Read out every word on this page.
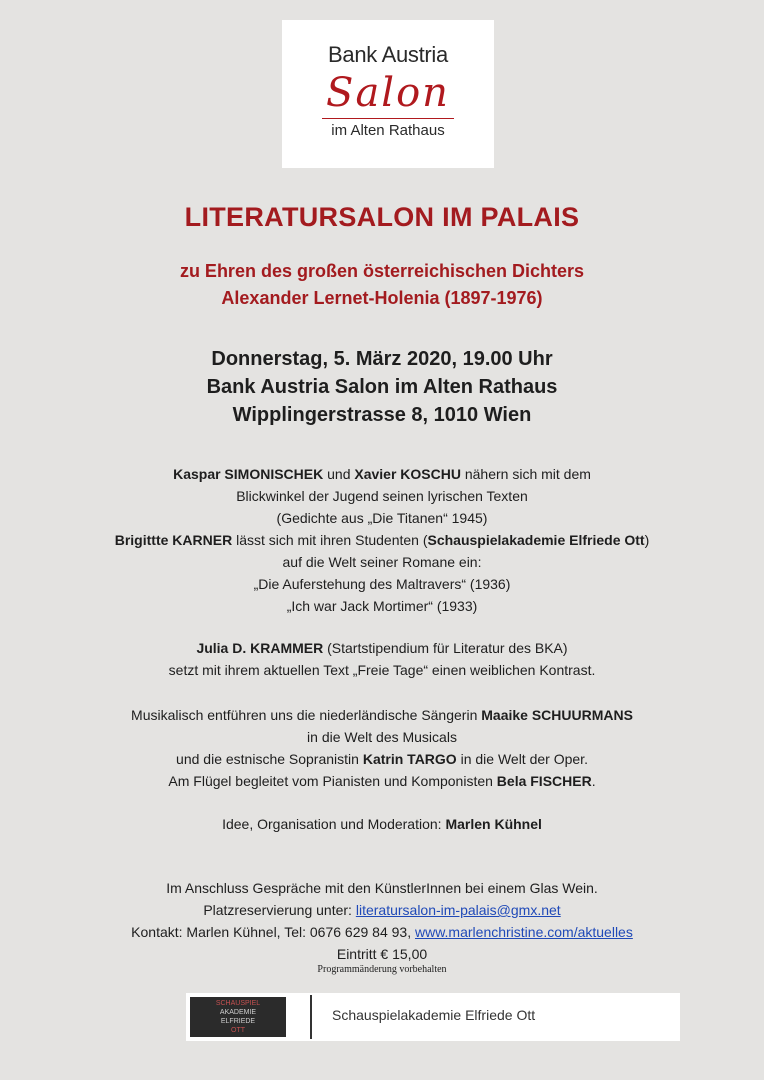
Bank Austria
Salon
im Alten Rathaus
LITERATURSALON IM PALAIS
zu Ehren des großen österreichischen Dichters
Alexander Lernet-Holenia (1897-1976)
Donnerstag, 5. März 2020, 19.00 Uhr
Bank Austria Salon im Alten Rathaus
Wipplingerstrasse 8, 1010 Wien
Kaspar SIMONISCHEK und Xavier KOSCHU nähern sich mit dem
Blickwinkel der Jugend seinen lyrischen Texten
(Gedichte aus „Die Titanen“ 1945)
Brigittte KARNER lässt sich mit ihren Studenten (Schauspielakademie Elfriede Ott)
auf die Welt seiner Romane ein:
„Die Auferstehung des Maltravers“ (1936)
„Ich war Jack Mortimer“ (1933)
Julia D. KRAMMER (Startstipendium für Literatur des BKA)
setzt mit ihrem aktuellen Text „Freie Tage“ einen weiblichen Kontrast.
Musikalisch entführen uns die niederländische Sängerin Maaike SCHUURMANS
in die Welt des Musicals
und die estnische Sopranistin Katrin TARGO in die Welt der Oper.
Am Flügel begleitet vom Pianisten und Komponisten Bela FISCHER.
Idee, Organisation und Moderation: Marlen Kühnel
Im Anschluss Gespräche mit den KünstlerInnen bei einem Glas Wein.
Platzreservierung unter: literatursalon-im-palais@gmx.net
Kontakt: Marlen Kühnel, Tel: 0676 629 84 93, www.marlenchristine.com/aktuelles
Eintritt € 15,00
Programmänderung vorbehalten
SCHAUSPIEL
AKADEMIE
ELFRIEDE
OTT
Schauspielakademie Elfriede Ott
